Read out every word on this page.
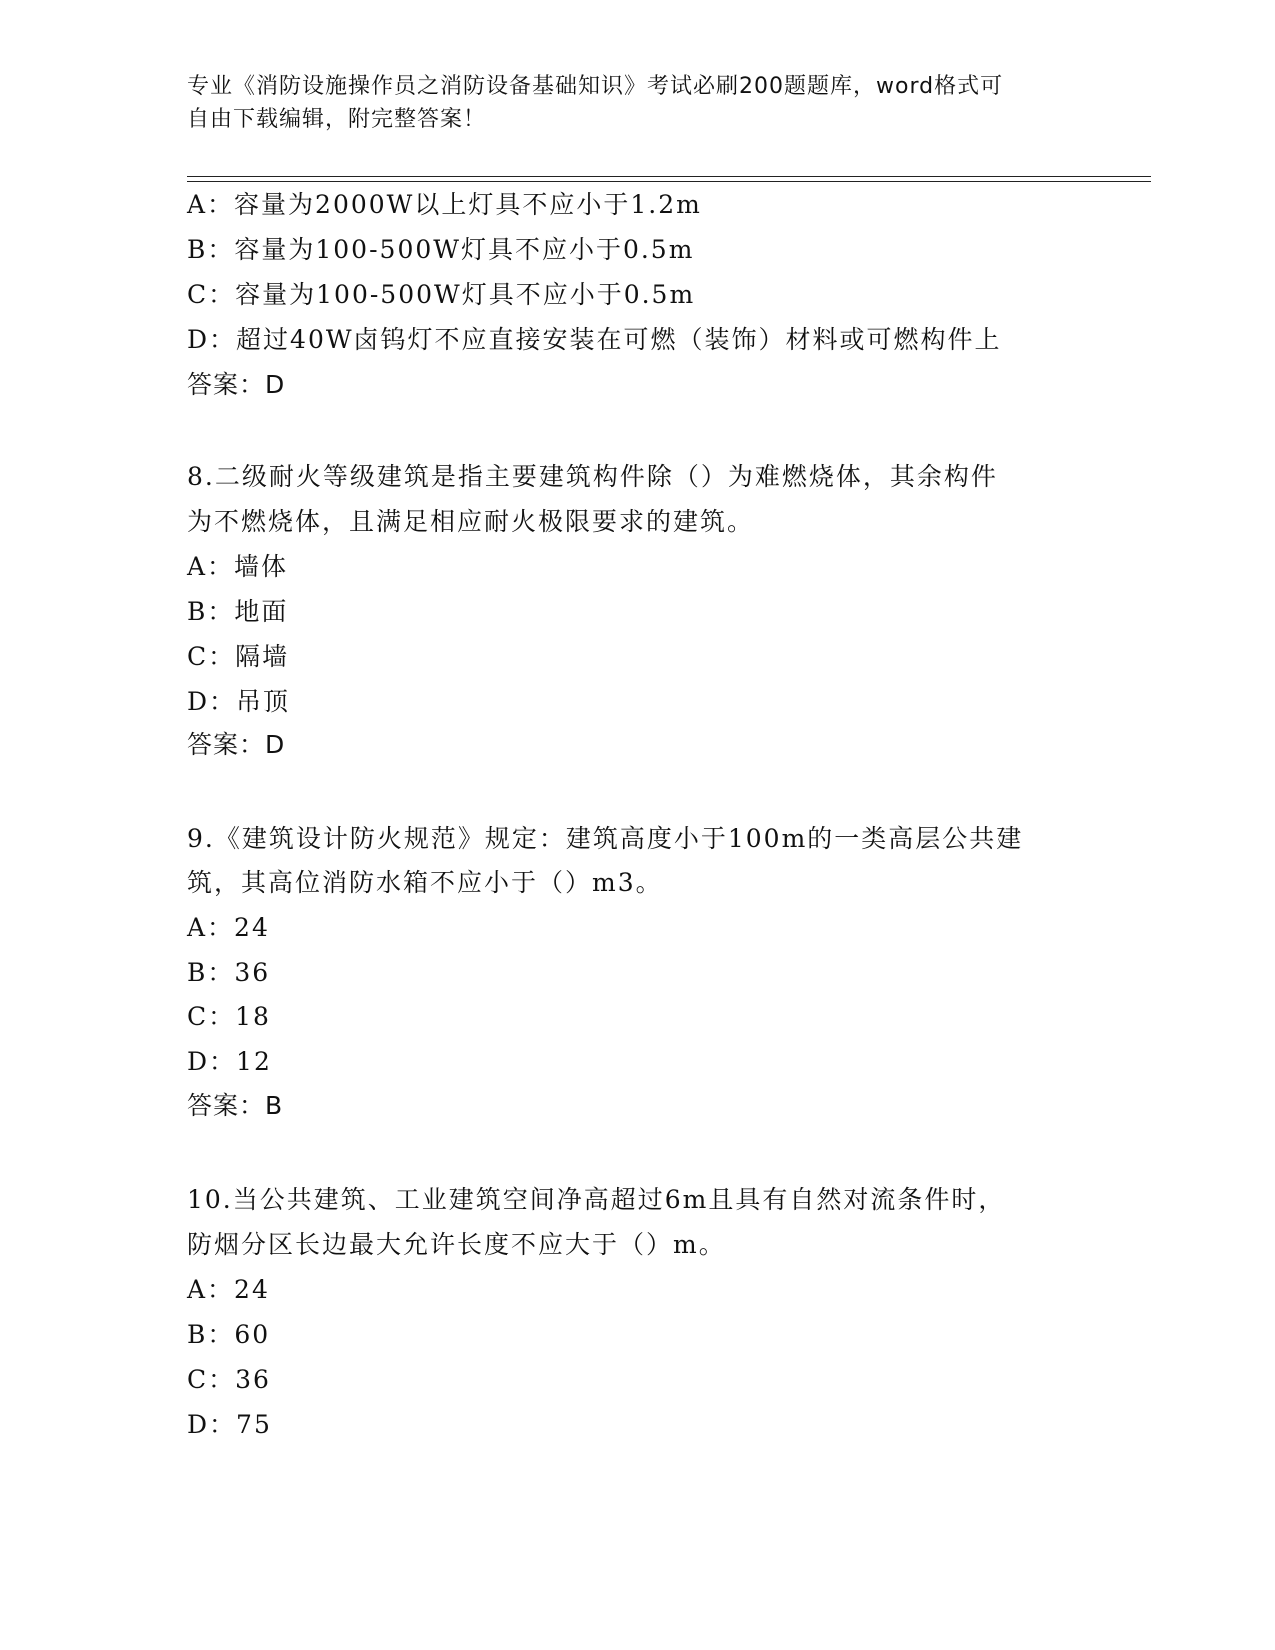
专业《消防设施操作员之消防设备基础知识》考试必刷200题题库，word格式可
自由下载编辑，附完整答案！
A：容量为2000W以上灯具不应小于1.2m
B：容量为100-500W灯具不应小于0.5m
C：容量为100-500W灯具不应小于0.5m
D：超过40W卤钨灯不应直接安装在可燃（装饰）材料或可燃构件上
答案：D
8.二级耐火等级建筑是指主要建筑构件除（）为难燃烧体，其余构件
为不燃烧体，且满足相应耐火极限要求的建筑。
A：墙体
B：地面
C：隔墙
D：吊顶
答案：D
9.《建筑设计防火规范》规定：建筑高度小于100m的一类高层公共建
筑，其高位消防水箱不应小于（）m3。
A：24
B：36
C：18
D：12
答案：B
10.当公共建筑、工业建筑空间净高超过6m且具有自然对流条件时，
防烟分区长边最大允许长度不应大于（）m。
A：24
B：60
C：36
D：75
